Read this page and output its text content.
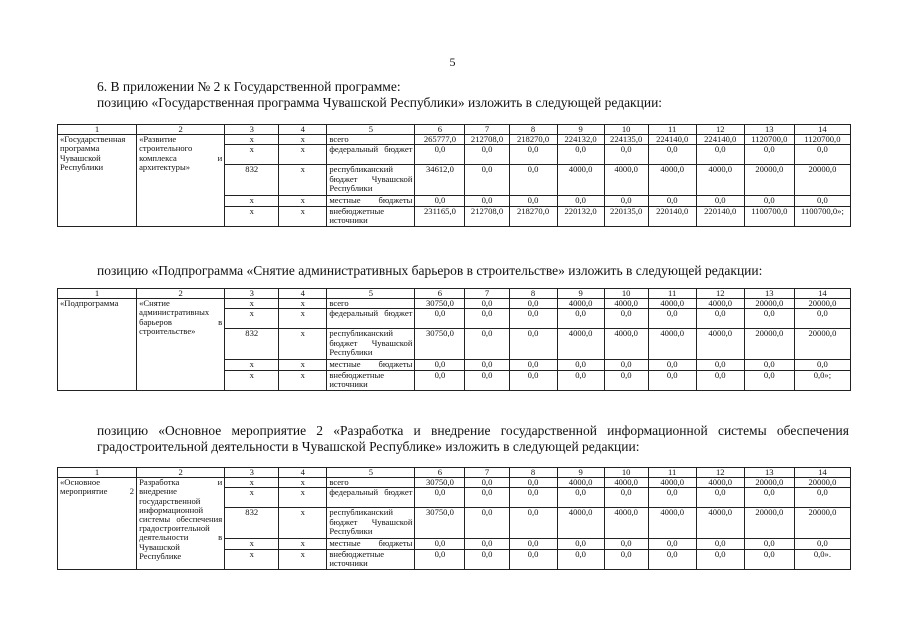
5
6. В приложении № 2 к Государственной программе:
позицию «Государственная программа Чувашской Республики» изложить в следующей редакции:
1	2	3	4	5	6	7	8	9	10	11	12	13	14
«Государственная программа Чувашской Республики	«Развитие строительного комплекса и архитектуры»	x	x	всего	265777,0	212708,0	218270,0	224132,0	224135,0	224140,0	224140,0	1120700,0	1120700,0
		x	x	федеральный бюджет	0,0	0,0	0,0	0,0	0,0	0,0	0,0	0,0	0,0
		832	x	республиканский бюджет Чувашской Республики	34612,0	0,0	0,0	4000,0	4000,0	4000,0	4000,0	20000,0	20000,0
		x	x	местные бюджеты	0,0	0,0	0,0	0,0	0,0	0,0	0,0	0,0	0,0
		x	x	внебюджетные источники	231165,0	212708,0	218270,0	220132,0	220135,0	220140,0	220140,0	1100700,0	1100700,0»;
позицию «Подпрограмма «Снятие административных барьеров в строительстве» изложить в следующей редакции:
1	2	3	4	5	6	7	8	9	10	11	12	13	14
«Подпрограмма	«Снятие административных барьеров в строительстве»	x	x	всего	30750,0	0,0	0,0	4000,0	4000,0	4000,0	4000,0	20000,0	20000,0
		x	x	федеральный бюджет	0,0	0,0	0,0	0,0	0,0	0,0	0,0	0,0	0,0
		832	x	республиканский бюджет Чувашской Республики	30750,0	0,0	0,0	4000,0	4000,0	4000,0	4000,0	20000,0	20000,0
		x	x	местные бюджеты	0,0	0,0	0,0	0,0	0,0	0,0	0,0	0,0	0,0
		x	x	внебюджетные источники	0,0	0,0	0,0	0,0	0,0	0,0	0,0	0,0	0,0»;
позицию «Основное мероприятие 2 «Разработка и внедрение государственной информационной системы обеспечения градостроительной деятельности в Чувашской Республике» изложить в следующей редакции:
1	2	3	4	5	6	7	8	9	10	11	12	13	14
«Основное мероприятие 2	Разработка и внедрение государственной информационной системы обеспечения градостроительной деятельности в Чувашской Республике	x	x	всего	30750,0	0,0	0,0	4000,0	4000,0	4000,0	4000,0	20000,0	20000,0
		x	x	федеральный бюджет	0,0	0,0	0,0	0,0	0,0	0,0	0,0	0,0	0,0
		832	x	республиканский бюджет Чувашской Республики	30750,0	0,0	0,0	4000,0	4000,0	4000,0	4000,0	20000,0	20000,0
		x	x	местные бюджеты	0,0	0,0	0,0	0,0	0,0	0,0	0,0	0,0	0,0
		x	x	внебюджетные источники	0,0	0,0	0,0	0,0	0,0	0,0	0,0	0,0	0,0».
